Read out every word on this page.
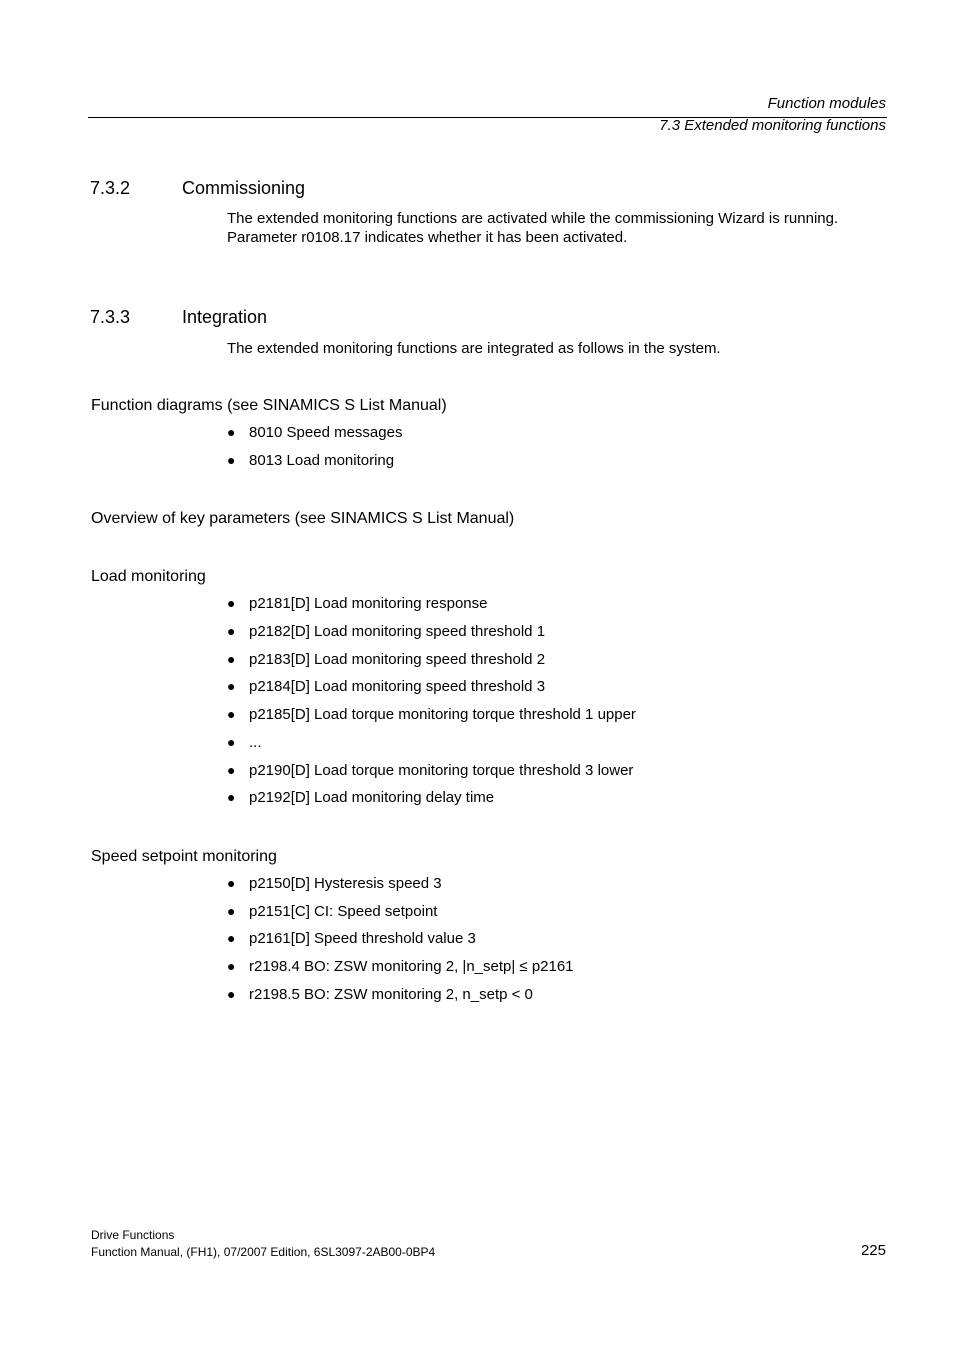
Function modules
7.3 Extended monitoring functions
7.3.2	Commissioning
The extended monitoring functions are activated while the commissioning Wizard is running.
Parameter r0108.17 indicates whether it has been activated.
7.3.3	Integration
The extended monitoring functions are integrated as follows in the system.
Function diagrams (see SINAMICS S List Manual)
● 8010 Speed messages
● 8013 Load monitoring
Overview of key parameters (see SINAMICS S List Manual)
Load monitoring
● p2181[D] Load monitoring response
● p2182[D] Load monitoring speed threshold 1
● p2183[D] Load monitoring speed threshold 2
● p2184[D] Load monitoring speed threshold 3
● p2185[D] Load torque monitoring torque threshold 1 upper
● ...
● p2190[D] Load torque monitoring torque threshold 3 lower
● p2192[D] Load monitoring delay time
Speed setpoint monitoring
● p2150[D] Hysteresis speed 3
● p2151[C] CI: Speed setpoint
● p2161[D] Speed threshold value 3
● r2198.4 BO: ZSW monitoring 2, |n_setp| ≤ p2161
● r2198.5 BO: ZSW monitoring 2, n_setp < 0
Drive Functions
Function Manual, (FH1), 07/2007 Edition, 6SL3097-2AB00-0BP4	225
